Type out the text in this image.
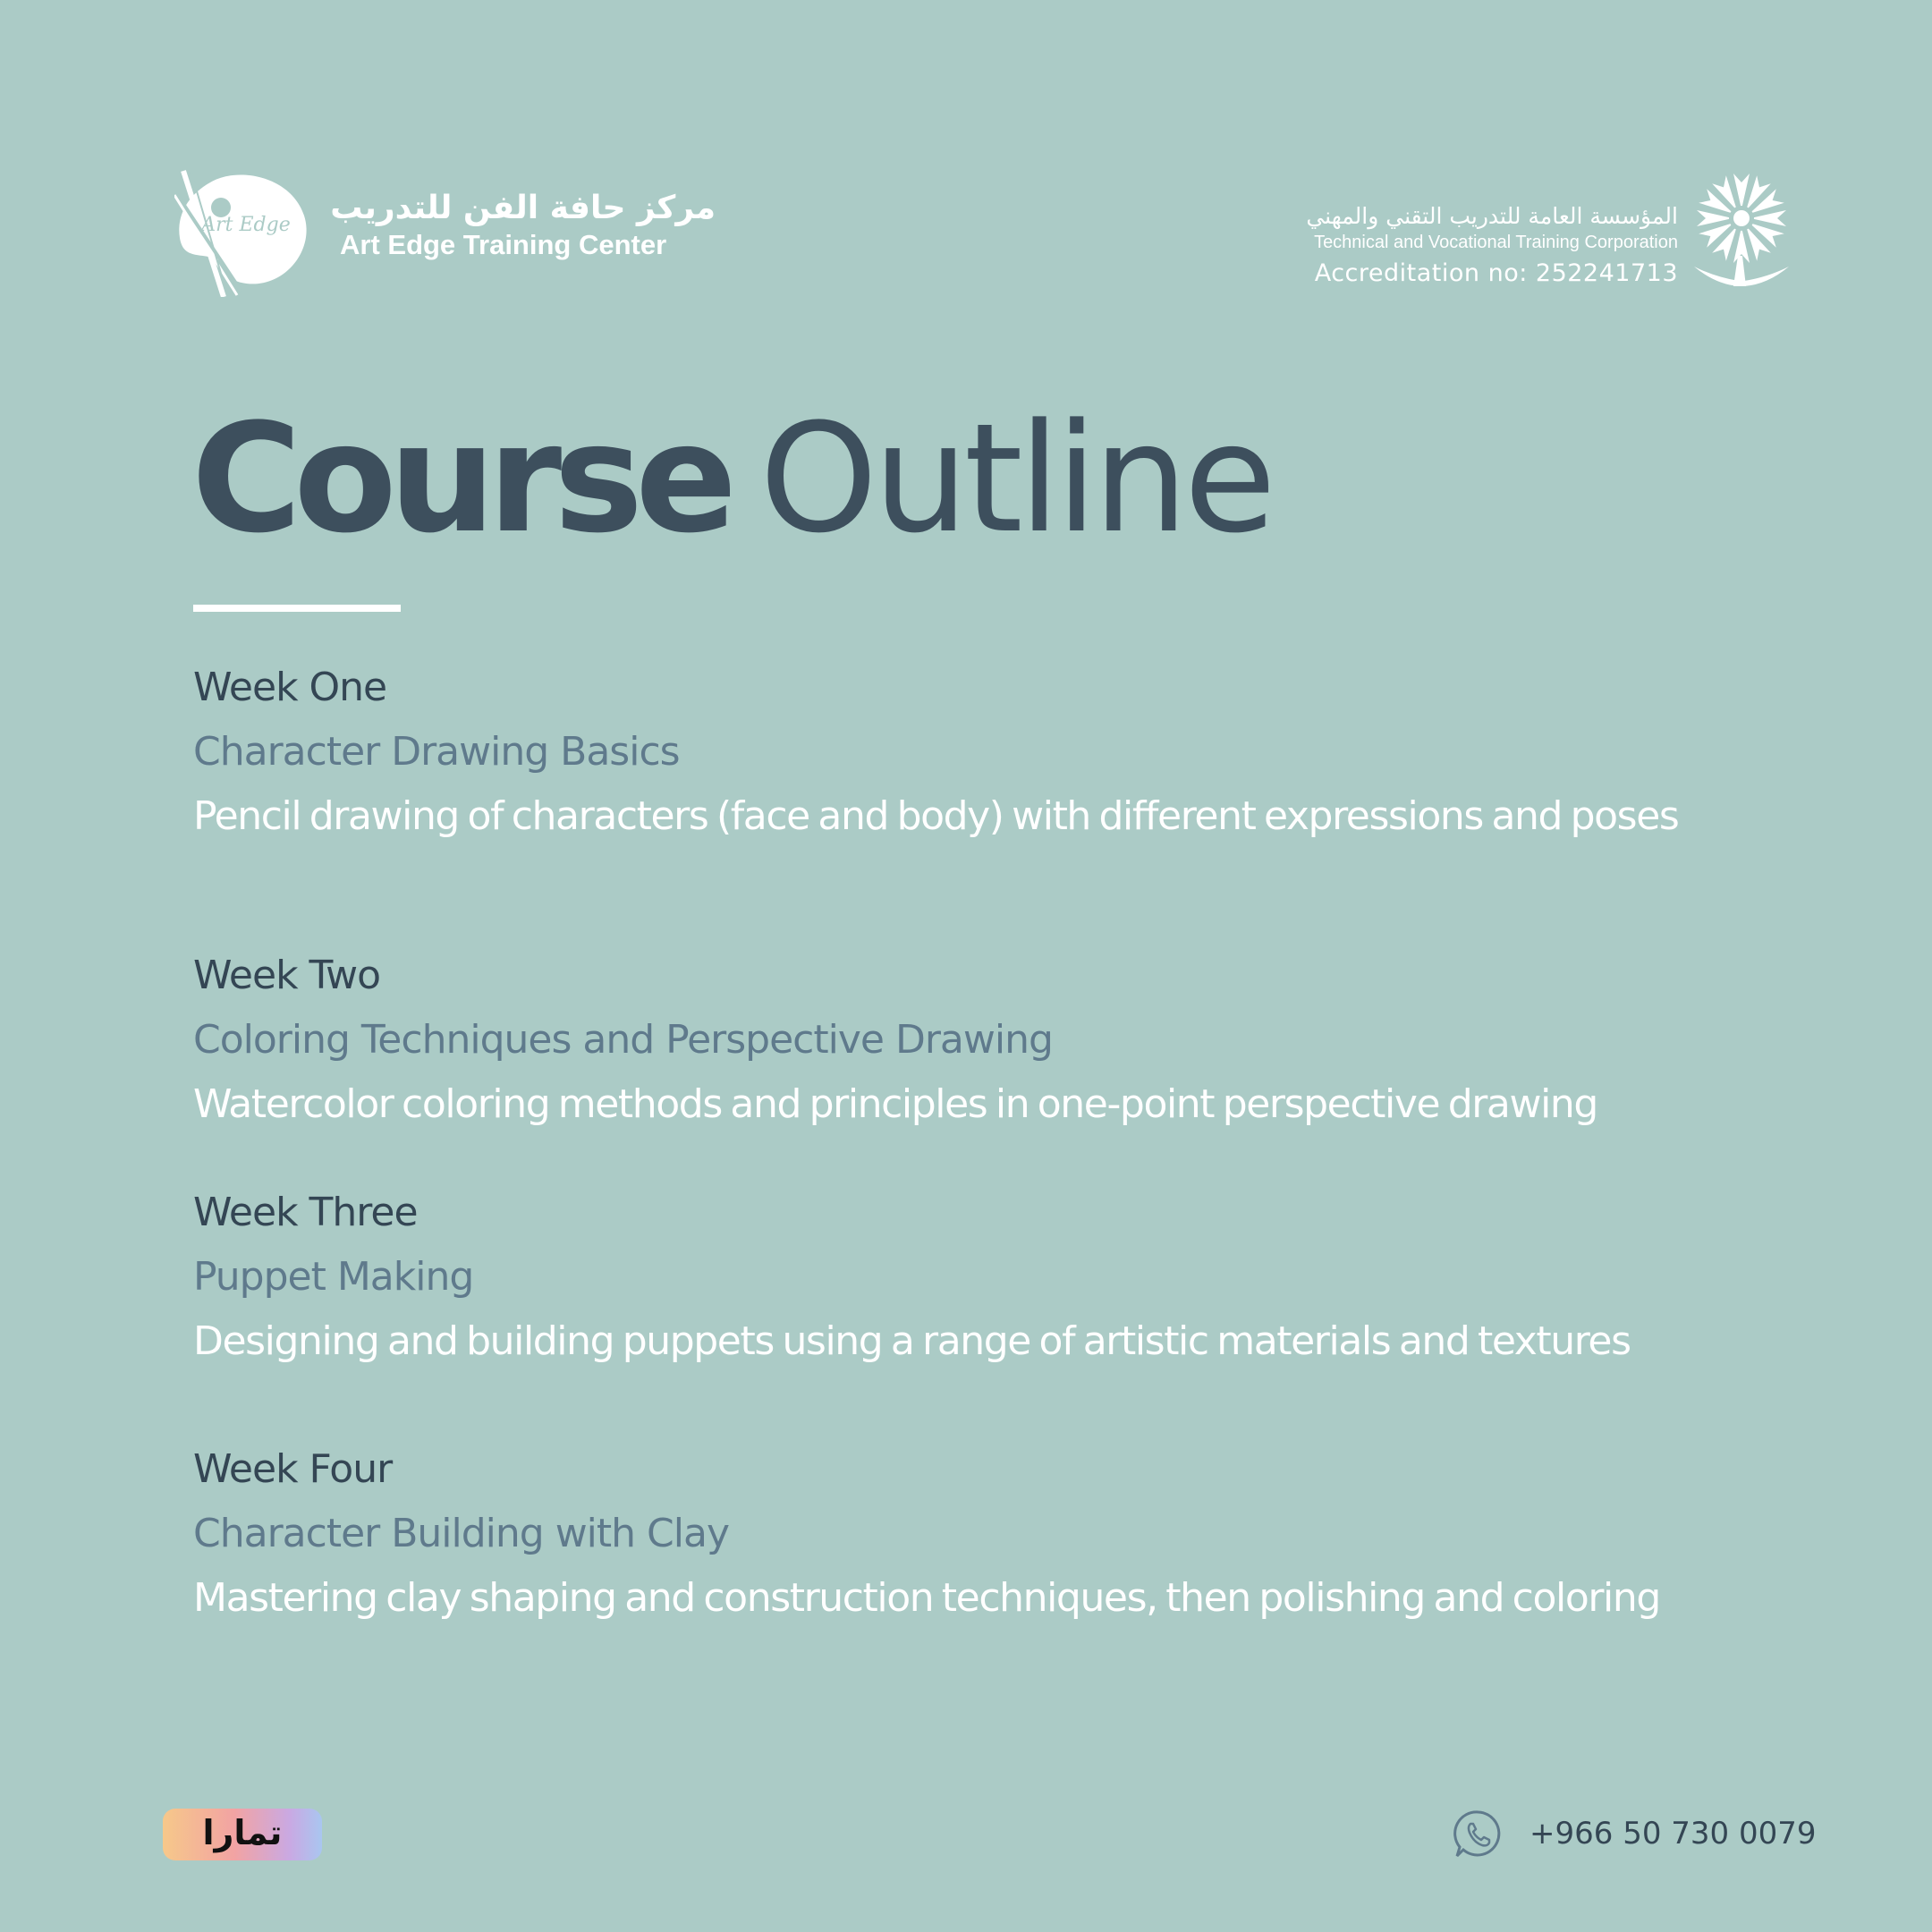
Art Edge مركز حافة الفن للتدريب
Art Edge Training Center
المؤسسة العامة للتدريب التقني والمهني
Technical and Vocational Training Corporation
Accreditation no: 252241713
Course Outline
Week One
Character Drawing Basics
Pencil drawing of characters (face and body) with different expressions and poses
Week Two
Coloring Techniques and Perspective Drawing
Watercolor coloring methods and principles in one-point perspective drawing
Week Three
Puppet Making
Designing and building puppets using a range of artistic materials and textures
Week Four
Character Building with Clay
Mastering clay shaping and construction techniques, then polishing and coloring
تمارا	+966 50 730 0079
